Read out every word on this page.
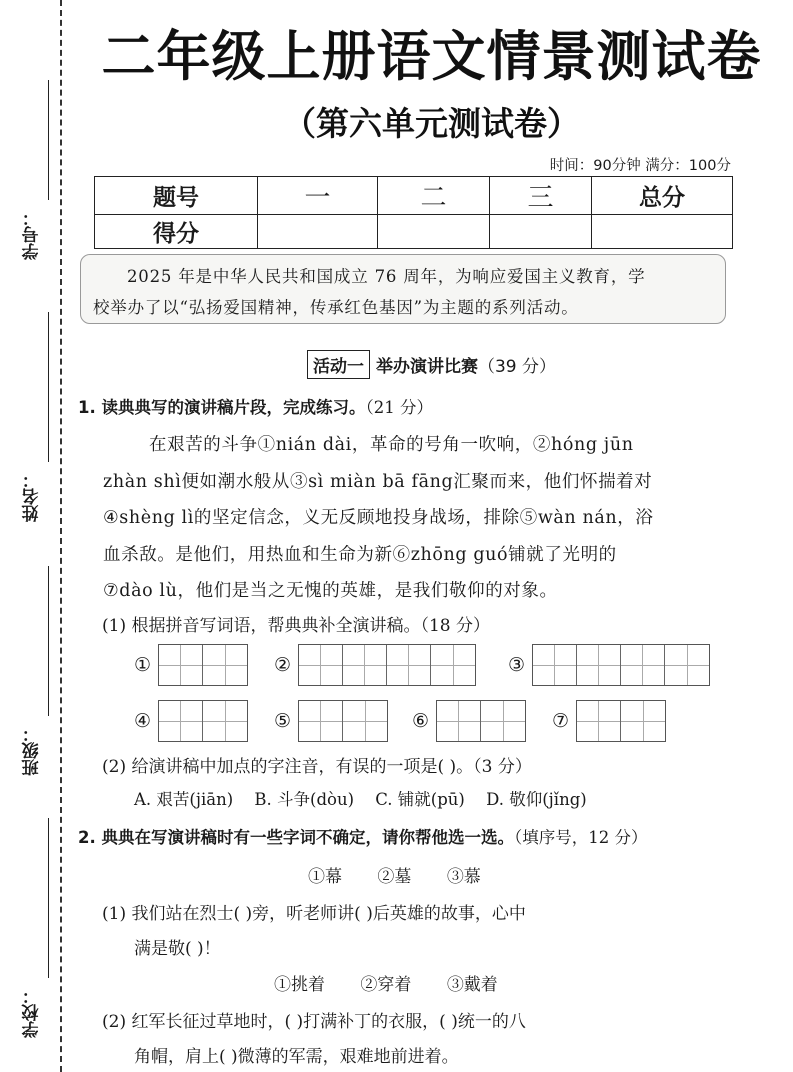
学号：
姓名：
班级：
学校：
二年级上册语文情景测试卷
（第六单元测试卷）
时间：90分钟 满分：100分
题号	一	二	三	总分
得分				
2025 年是中华人民共和国成立 76 周年，为响应爱国主义教育，学
校举办了以“弘扬爱国精神，传承红色基因”为主题的系列活动。
活动一 举办演讲比赛（39 分）
1. 读典典写的演讲稿片段，完成练习。（21 分）

在艰苦的斗争①nián dài，革命的号角一吹响，②hóng jūn

zhàn shì便如潮水般从③sì miàn bā fāng汇聚而来，他们怀揣着对

④shèng lì的坚定信念，义无反顾地投身战场，排除⑤wàn nán，浴

血杀敌。是他们，用热血和生命为新⑥zhōng guó铺就了光明的

⑦dào lù，他们是当之无愧的英雄，是我们敬仰的对象。

(1) 根据拼音写词语，帮典典补全演讲稿。（18 分）
①	②	③
④	⑤	⑥	⑦
(2) 给演讲稿中加点的字注音，有误的一项是( )。（3 分）
A. 艰苦(jiān) B. 斗争(dòu) C. 铺就(pū) D. 敬仰(jǐng)
2. 典典在写演讲稿时有一些字词不确定，请你帮他选一选。（填序号，12 分）
①幕 ②墓 ③慕
(1) 我们站在烈士( )旁，听老师讲( )后英雄的故事，心中
满是敬( )！
①挑着 ②穿着 ③戴着
(2) 红军长征过草地时，( )打满补丁的衣服，( )统一的八
角帽，肩上( )微薄的军需，艰难地前进着。
